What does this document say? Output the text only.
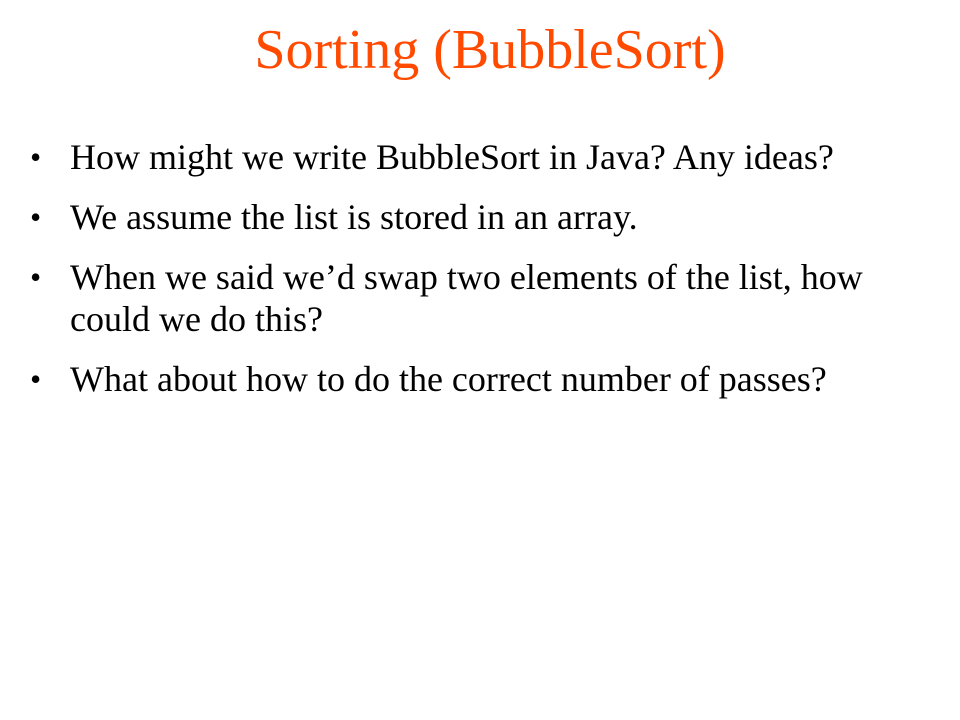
Sorting (BubbleSort)
• How might we write BubbleSort in Java? Any ideas?
• We assume the list is stored in an array.
• When we said we’d swap two elements of the list, how could we do this?
• What about how to do the correct number of passes?
